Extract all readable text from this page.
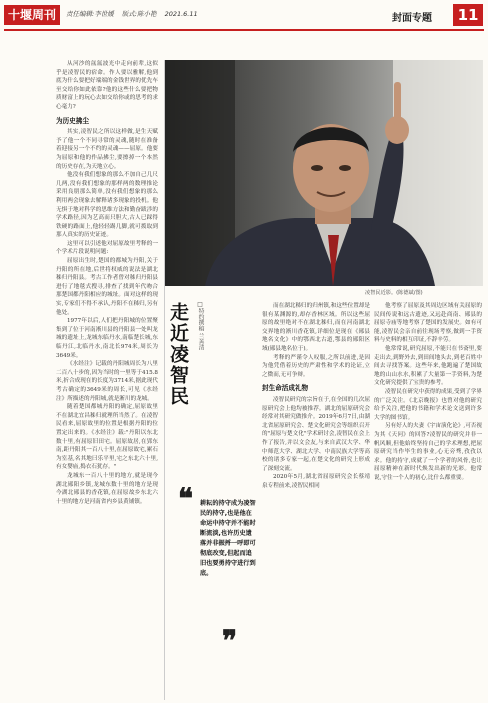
十堰周刊	责任编辑:李世媛 版式:陈小艳 2021.6.11	封面专题	11

从河沙的氤氲波光中走向前辈,这似乎是凌智民的宿命。作人要以雅解,他到底为什么要把好端端的金钱世界的优先车至交给你如此依靠?他的这些什么要把物质财富上的玩心去如交给你或的思考的求心毫力?

为历史拂尘

其实,凌智民之所以这样做,是生天赋予了他一个不同寻常的灵魂,随时在准备着迎接另一个不约的灵魂——屈原。他要为屈原和他的作品拂尘,要擦掉一个本然的历史存在,为天地立心。

他没有我们想象的那么不加自己几尺几两,没有我们想象的那样两的数理推论采用良朋那么简单,没有我们想象的那么利用两会现象去解释诸多现象的投机。他无惧于地对科学的思维方法和勤奋跋涉的学术路径,因为艺高而只胆大,古人已踩得铁硬的路面上,他轻轻踢几脚,就可拨取到那人真实的历史证迹。

这里可以引述他对屈原故里考释的一个学术片段说明问题:

屈原出生时,楚国的都城为丹阳,关于丹阳的所在地,后世将权威的说法是湖北秭归丹阳县。考古工作者曾对秭归丹阳县进行了地毯式搜寻,排查了找到年代吻合那楚国都丹阳相应的城址。面对这样的现实,专家们不得不承认,丹阳不在秭归,另有他处。

1977年以后,人们把丹阳城的位置聚集到了位于河南淅川县的丹阳县一处叫龙城的遗址上,龙城东临丹水,南临楚长城,东临丹江,北临丹水,南北长974米,周长为3649米。

《水经注》记载的丹阳城周长为八里二百八十步的,因为当时的一里等于415.8米,折合成现在的长度为3714米,据此现代考古确定的3649米的周长,可见《水经注》所描述的丹阳城,就是淅川的龙城。

随着楚国都城丹阳的确定,屈原故里不在湖北宜昌秭归就理所当然了。在凌智民看来,屈原故里的位置是根据丹阳的位置定出来的。《水经注》载:"丹阳以东北数十里,有屈原旧田宅。屈原故居,在郢东南,距丹阳其一百八十里,在屈原故宅,累石为室基,名其地曰乐平里,宅之东北六十里,有女婴庙,捣衣石犹存。"

龙城东一百八十里的地方,就是现今湖北郧阳乡镇,龙城东数十里的地方是现今湖北郧县的香花镇,在屈原故乡东北六十里的地方是河南省内乡县黄铺镇。

凌智民近影。(陈德斌/图)
走近凌智民	□特约撰稿 兰善清
❝ 耕耘的持守成为凌智民的持守,也是他在命运中持守并不能时断流淡,也许历史遗落并非振捋一呼即可彻底改变,但起而追旧也要勇持守进行到底。
❞

而在湖北秭归的归州镇,和这些位置却是很有某渊源的,却存香林区域。所以这些屈原的故里绝对不在湖北秭归,而在河南湖北交界地的淅川香花镇,详细位是现在《郧县地名文化》中的鄂西北古道,鄂县的郧阳区域(郧县地名位于)。

考释的严谨令人叹服,之所以前进,是因为他凭借着历史的严肃性和学术的论证,立之微而,无可争辩。

封生命活成礼物

凌智民研究的宗旨在于,在全国的几次屈原研究会上他均被推荐。湖北的屈原研究会经常对其研究做推介。2019年6月7日,由湖北省屈原研究会、楚文化研究会等组织召开的"屈原与楚文化"学术研讨会,凌智民在会上作了报告,并以文会友,与来自武汉大学、华中师范大学、湖北大学、中南民族大学等高校的诸多专家一起,在楚文化的研究上形成了深刻交流。

2020年5月,湖北省屈原研究会长蔡靖泉专程前来,凌智民相同

他考察了屈原及其周边区域有关屈原的民间传说和远古遗迹,又远赴商南、郧县的屈原寺庙等地考察了楚国的发展史。如有可能,凌智民会亲自前往现场考察,做到一手资料与史料的相互印证,不辞辛劳。

他常常说,研究屈原,不能只在书斋里,要走出去,到野外去,到田间地头去,到老百姓中间去寻找答案。这些年来,他跑遍了楚国故地的山山水水,积累了大量第一手资料,为楚文化研究提供了宝贵的参考。

凌智民在研究中获得的成果,受到了学界的广泛关注。《北京晚报》也曾对他的研究给予关注,把他的书籍和学术论文送到许多大学的图书馆。

另有好人的夫妻《宇宙演化论》,可否视为其《天问》的回答?凌智民的研究并非一帆风顺,但他始终坚持自己的学术理想,把屈原研究当作毕生的事业,心无旁骛,孜孜以求。他的持守,成就了一个学者的风骨,也让屈原精神在新时代焕发出新的光彩。他常说,守住一个人的初心,比什么都重要。
